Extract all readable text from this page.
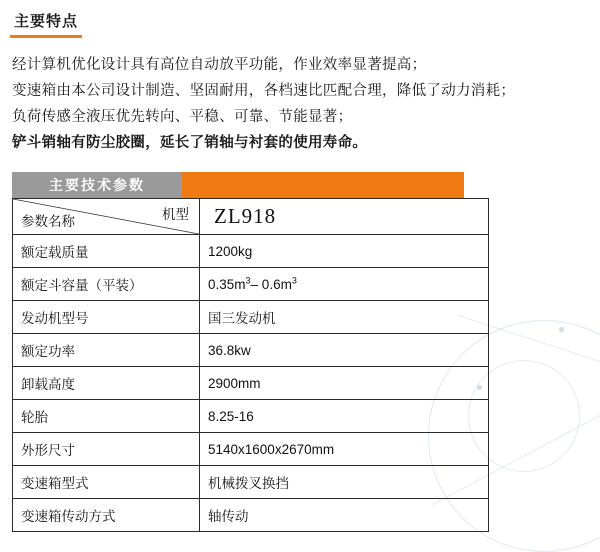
主要特点
经计算机优化设计具有高位自动放平功能，作业效率显著提高；
变速箱由本公司设计制造、坚固耐用，各档速比匹配合理，降低了动力消耗；
负荷传感全液压优先转向、平稳、可靠、节能显著；
铲斗销轴有防尘胶圈，延长了销轴与衬套的使用寿命。
主要技术参数
机型
参数名称	ZL918
额定载质量	1200kg
额定斗容量（平装）	$0.35m^3-$ $0.6m^3$
发动机型号	国三发动机
额定功率	36.8kw
卸载高度	2900mm
轮胎	8.25-16
外形尺寸	5140x1600x2670mm
变速箱型式	机械拨叉换挡
变速箱传动方式	轴传动
